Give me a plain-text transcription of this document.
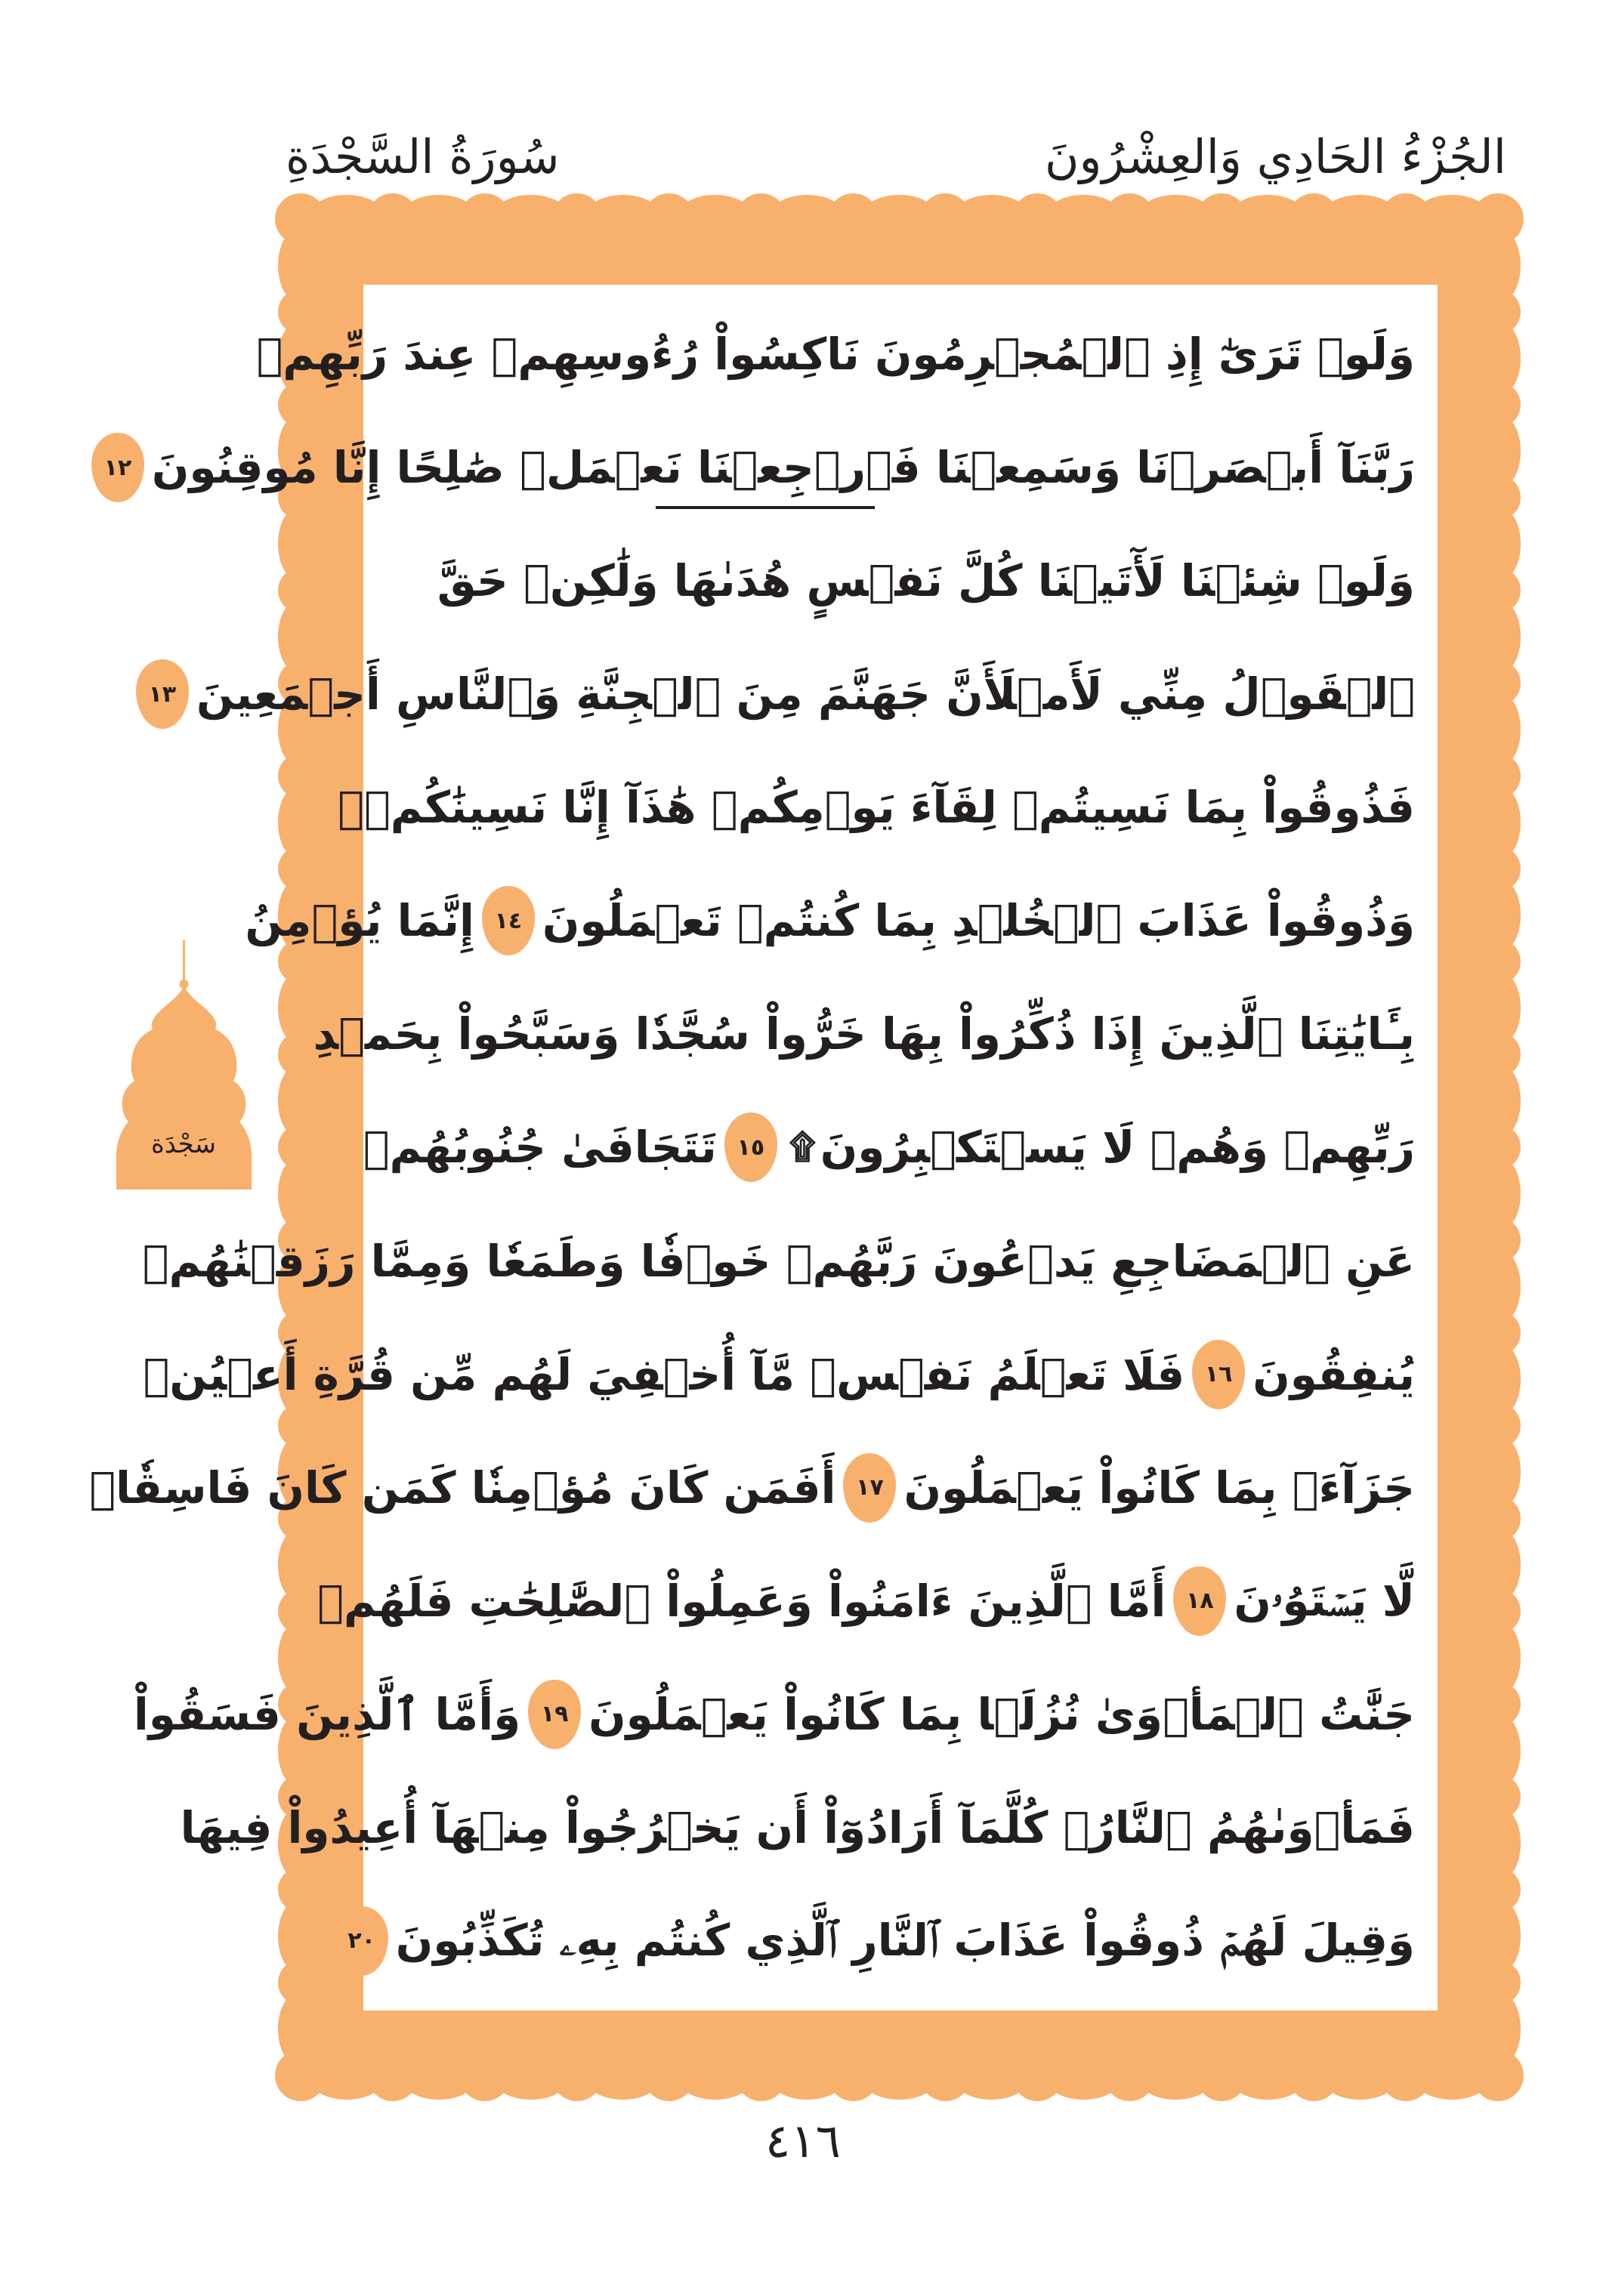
الجُزْءُ الحَادِي وَالعِشْرُونَ
سُورَةُ السَّجْدَةِ
وَلَوۡ تَرَىٰٓ إِذِ ٱلۡمُجۡرِمُونَ نَاكِسُواْ رُءُوسِهِمۡ عِندَ رَبِّهِمۡ
رَبَّنَآ أَبۡصَرۡنَا وَسَمِعۡنَا فَٱرۡجِعۡنَا نَعۡمَلۡ صَٰلِحًا إِنَّا مُوقِنُونَ
١٢
وَلَوۡ شِئۡنَا لَأٓتَيۡنَا كُلَّ نَفۡسٍ هُدَىٰهَا وَلَٰكِنۡ حَقَّ
ٱلۡقَوۡلُ مِنِّي لَأَمۡلَأَنَّ جَهَنَّمَ مِنَ ٱلۡجِنَّةِ وَٱلنَّاسِ أَجۡمَعِينَ
١٣
فَذُوقُواْ بِمَا نَسِيتُمۡ لِقَآءَ يَوۡمِكُمۡ هَٰذَآ إِنَّا نَسِينَٰكُمۡۖ
وَذُوقُواْ عَذَابَ ٱلۡخُلۡدِ بِمَا كُنتُمۡ تَعۡمَلُونَ
١٤
إِنَّمَا يُؤۡمِنُ
بِـَٔايَٰتِنَا ٱلَّذِينَ إِذَا ذُكِّرُواْ بِهَا خَرُّواْ سُجَّدٗا وَسَبَّحُواْ بِحَمۡدِ
رَبِّهِمۡ وَهُمۡ لَا يَسۡتَكۡبِرُونَ
۩
١٥
تَتَجَافَىٰ جُنُوبُهُمۡ
عَنِ ٱلۡمَضَاجِعِ يَدۡعُونَ رَبَّهُمۡ خَوۡفٗا وَطَمَعٗا وَمِمَّا رَزَقۡنَٰهُمۡ
يُنفِقُونَ
١٦
فَلَا تَعۡلَمُ نَفۡسٞ مَّآ أُخۡفِيَ لَهُم مِّن قُرَّةِ أَعۡيُنٖ
جَزَآءَۢ بِمَا كَانُواْ يَعۡمَلُونَ
١٧
أَفَمَن كَانَ مُؤۡمِنٗا كَمَن كَانَ فَاسِقٗاۚ
لَّا يَسۡتَوُۥنَ
١٨
أَمَّا ٱلَّذِينَ ءَامَنُواْ وَعَمِلُواْ ٱلصَّٰلِحَٰتِ فَلَهُمۡ
جَنَّٰتُ ٱلۡمَأۡوَىٰ نُزُلَۢا بِمَا كَانُواْ يَعۡمَلُونَ
١٩
وَأَمَّا ٱلَّذِينَ فَسَقُواْ
فَمَأۡوَىٰهُمُ ٱلنَّارُۖ كُلَّمَآ أَرَادُوٓاْ أَن يَخۡرُجُواْ مِنۡهَآ أُعِيدُواْ فِيهَا
وَقِيلَ لَهُمۡ ذُوقُواْ عَذَابَ ٱلنَّارِ ٱلَّذِي كُنتُم بِهِۦ تُكَذِّبُونَ
٢٠
سَجْدَة
٤١٦
